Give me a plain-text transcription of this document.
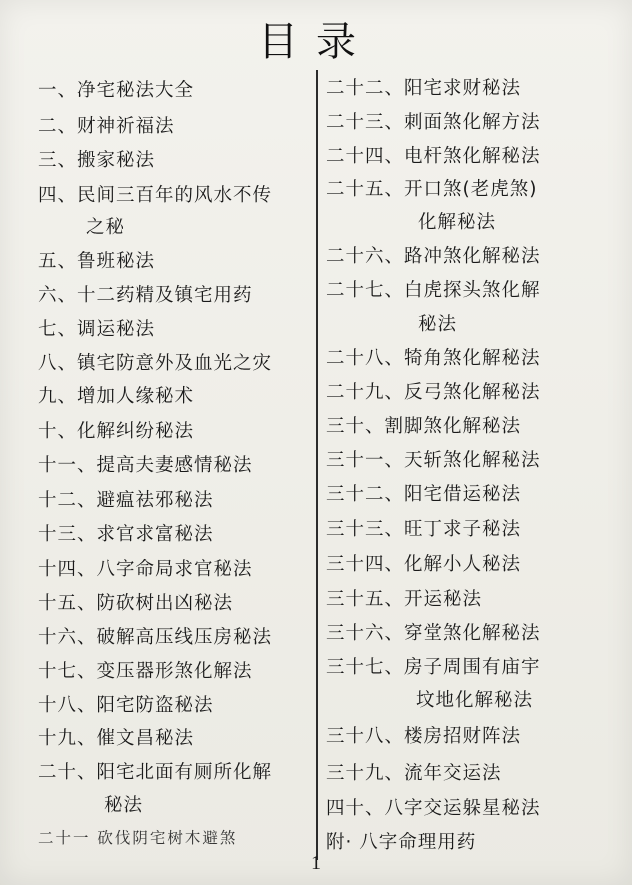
目录
一、净宅秘法大全
二、财神祈福法
三、搬家秘法
四、民间三百年的风水不传
之秘
五、鲁班秘法
六、十二药精及镇宅用药
七、调运秘法
八、镇宅防意外及血光之灾
九、增加人缘秘术
十、化解纠纷秘法
十一、提高夫妻感情秘法
十二、避瘟祛邪秘法
十三、求官求富秘法
十四、八字命局求官秘法
十五、防砍树出凶秘法
十六、破解高压线压房秘法
十七、变压器形煞化解法
十八、阳宅防盗秘法
十九、催文昌秘法
二十、阳宅北面有厕所化解
秘法
二十一 砍伐阴宅树木避煞
二十二、阳宅求财秘法
二十三、刺面煞化解方法
二十四、电杆煞化解秘法
二十五、开口煞(老虎煞)
化解秘法
二十六、路冲煞化解秘法
二十七、白虎探头煞化解
秘法
二十八、犄角煞化解秘法
二十九、反弓煞化解秘法
三十、割脚煞化解秘法
三十一、天斩煞化解秘法
三十二、阳宅借运秘法
三十三、旺丁求子秘法
三十四、化解小人秘法
三十五、开运秘法
三十六、穿堂煞化解秘法
三十七、房子周围有庙宇
坟地化解秘法
三十八、楼房招财阵法
三十九、流年交运法
四十、八字交运躲星秘法
附· 八字命理用药
1
